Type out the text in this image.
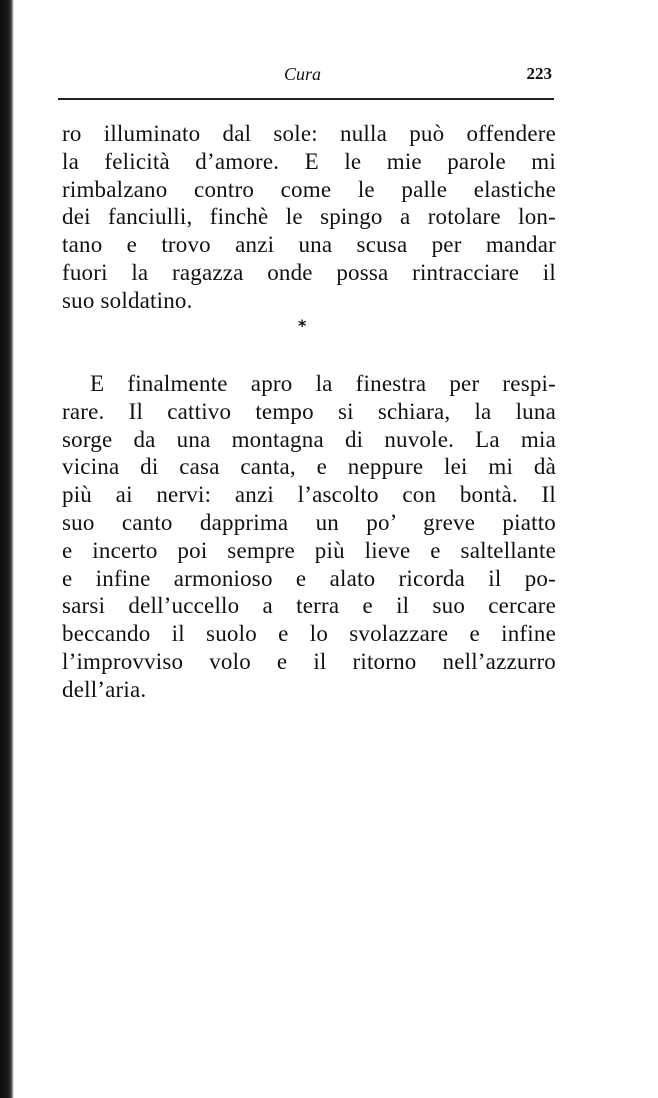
Cura	223

ro illuminato dal sole: nulla può offendere
la felicità d’amore. E le mie parole mi
rimbalzano contro come le palle elastiche
dei fanciulli, finchè le spingo a rotolare lon-
tano e trovo anzi una scusa per mandar
fuori la ragazza onde possa rintracciare il
suo soldatino.

*

E finalmente apro la finestra per respi-
rare. Il cattivo tempo si schiara, la luna
sorge da una montagna di nuvole. La mia
vicina di casa canta, e neppure lei mi dà
più ai nervi: anzi l’ascolto con bontà. Il
suo canto dapprima un po’ greve piatto
e incerto poi sempre più lieve e saltellante
e infine armonioso e alato ricorda il po-
sarsi dell’uccello a terra e il suo cercare
beccando il suolo e lo svolazzare e infine
l’improvviso volo e il ritorno nell’azzurro
dell’aria.
